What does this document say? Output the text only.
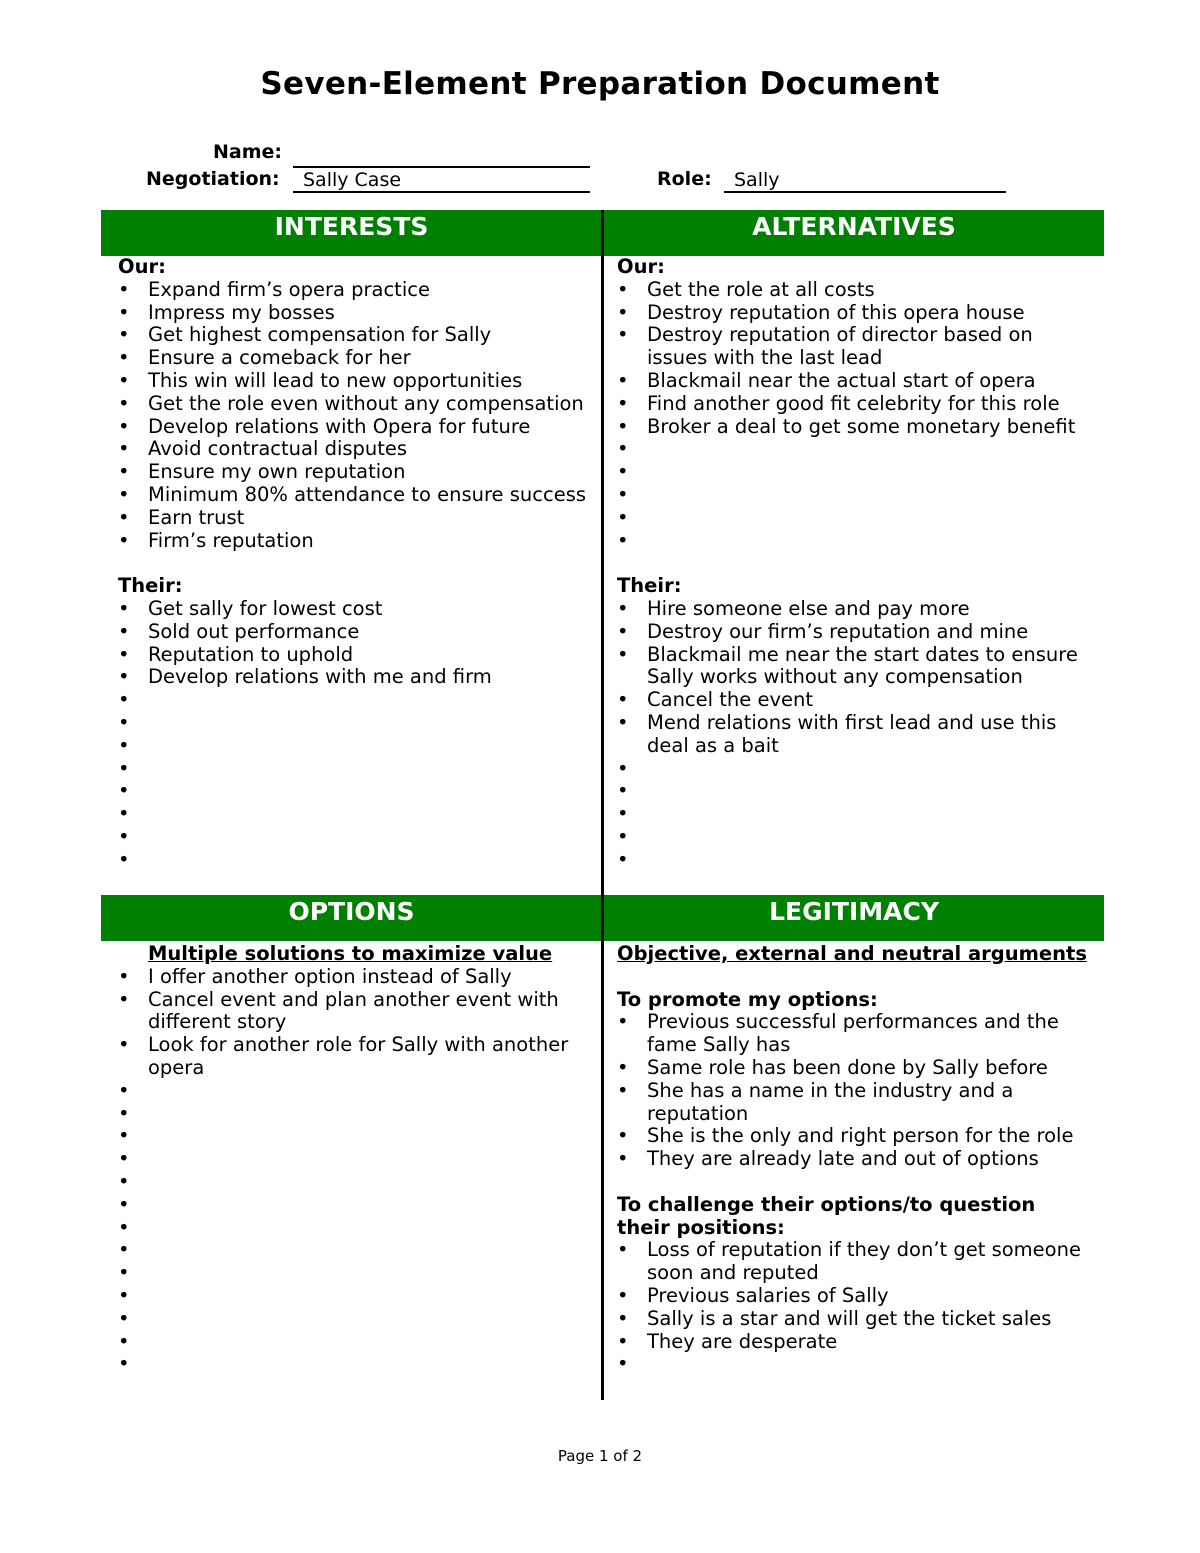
Seven-Element Preparation Document
Name:
Negotiation:	Sally Case	Role:	Sally
INTERESTS	ALTERNATIVES
OPTIONS	LEGITIMACY
Our:
• Expand firm’s opera practice
• Impress my bosses
• Get highest compensation for Sally
• Ensure a comeback for her
• This win will lead to new opportunities
• Get the role even without any compensation
• Develop relations with Opera for future
• Avoid contractual disputes
• Ensure my own reputation
• Minimum 80% attendance to ensure success
• Earn trust
• Firm’s reputation
Their:
• Get sally for lowest cost
• Sold out performance
• Reputation to uphold
• Develop relations with me and firm
•
•
•
•
•
•
•
•
Our:
• Get the role at all costs
• Destroy reputation of this opera house
• Destroy reputation of director based on issues with the last lead
• Blackmail near the actual start of opera
• Find another good fit celebrity for this role
• Broker a deal to get some monetary benefit
•
•
•
•
•
Their:
• Hire someone else and pay more
• Destroy our firm’s reputation and mine
• Blackmail me near the start dates to ensure Sally works without any compensation
• Cancel the event
• Mend relations with first lead and use this deal as a bait
•
•
•
•
•
Multiple solutions to maximize value
• I offer another option instead of Sally
• Cancel event and plan another event with different story
• Look for another role for Sally with another opera
•
•
•
•
•
•
•
•
•
•
•
•
•
Objective, external and neutral arguments
To promote my options:
• Previous successful performances and the fame Sally has
• Same role has been done by Sally before
• She has a name in the industry and a reputation
• She is the only and right person for the role
• They are already late and out of options
To challenge their options/to question their positions:
• Loss of reputation if they don’t get someone soon and reputed
• Previous salaries of Sally
• Sally is a star and will get the ticket sales
• They are desperate
•
Page 1 of 2
